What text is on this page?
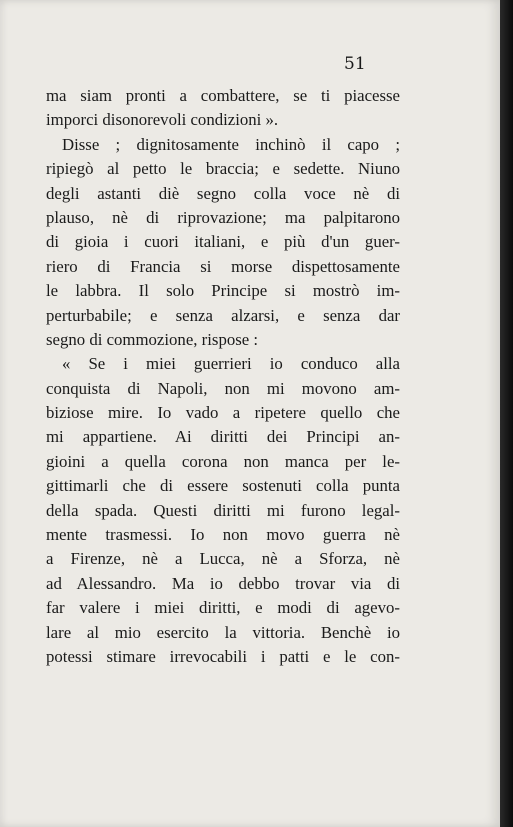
51

ma siam pronti a combattere, se ti piacesse
imporci disonorevoli condizioni ».
Disse ; dignitosamente inchinò il capo ;
ripiegò al petto le braccia; e sedette. Niuno
degli astanti diè segno colla voce nè di
plauso, nè di riprovazione; ma palpitarono
di gioia i cuori italiani, e più d'un guer-
riero di Francia si morse dispettosamente
le labbra. Il solo Principe si mostrò im-
perturbabile; e senza alzarsi, e senza dar
segno di commozione, rispose :
« Se i miei guerrieri io conduco alla
conquista di Napoli, non mi movono am-
biziose mire. Io vado a ripetere quello che
mi appartiene. Ai diritti dei Principi an-
gioini a quella corona non manca per le-
gittimarli che di essere sostenuti colla punta
della spada. Questi diritti mi furono legal-
mente trasmessi. Io non movo guerra nè
a Firenze, nè a Lucca, nè a Sforza, nè
ad Alessandro. Ma io debbo trovar via di
far valere i miei diritti, e modi di agevo-
lare al mio esercito la vittoria. Benchè io
potessi stimare irrevocabili i patti e le con-
